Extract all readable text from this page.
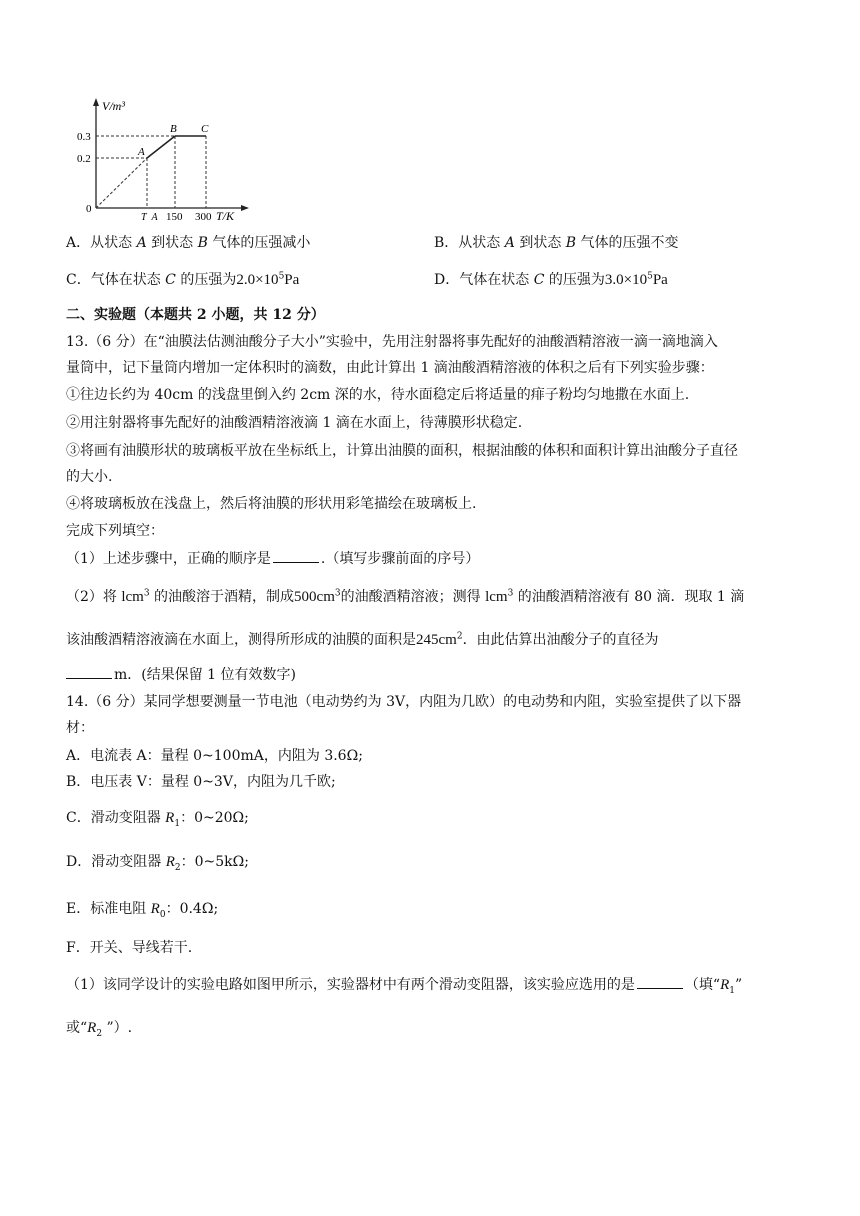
V/m³
0.3
0.2
0
A
B C
T_A 150 300 T/K
A．从状态 A 到状态 B 气体的压强减小	B．从状态 A 到状态 B 气体的压强不变
C．气体在状态 C 的压强为$2.0\times 10^5Pa$	D．气体在状态 C 的压强为$3.0\times 10^5Pa$
二、实验题（本题共 2 小题，共 12 分）
13.（6 分）在“油膜法估测油酸分子大小”实验中，先用注射器将事先配好的油酸酒精溶液一滴一滴地滴入
量筒中，记下量筒内增加一定体积时的滴数，由此计算出 1 滴油酸酒精溶液的体积之后有下列实验步骤：
①往边长约为 40cm 的浅盘里倒入约 2cm 深的水，待水面稳定后将适量的痱子粉均匀地撒在水面上.
②用注射器将事先配好的油酸酒精溶液滴 1 滴在水面上，待薄膜形状稳定.
③将画有油膜形状的玻璃板平放在坐标纸上，计算出油膜的面积，根据油酸的体积和面积计算出油酸分子直径
的大小.
④将玻璃板放在浅盘上，然后将油膜的形状用彩笔描绘在玻璃板上.
完成下列填空：
（1）上述步骤中，正确的顺序是	.（填写步骤前面的序号）
（2）将 lcm$^3$ 的油酸溶于酒精，制成$500cm^3$的油酸酒精溶液；测得 lcm$^3$ 的油酸酒精溶液有 80 滴．现取 1 滴
该油酸酒精溶液滴在水面上，测得所形成的油膜的面积是$245cm^2$．由此估算出油酸分子的直径为
m．(结果保留 1 位有效数字)
14.（6 分）某同学想要测量一节电池（电动势约为 3V，内阻为几欧）的电动势和内阻，实验室提供了以下器
材：
A．电流表 A：量程 0~100mA，内阻为 3.6Ω;
B．电压表 V：量程 0~3V，内阻为几千欧;
C．滑动变阻器 $R_1$：0~20Ω;
D．滑动变阻器 $R_2$：0~5kΩ;
E．标准电阻 $R_0$：0.4Ω;
F．开关、导线若干.
（1）该同学设计的实验电路如图甲所示，实验器材中有两个滑动变阻器，该实验应选用的是	（填“$R_1$”
或“$R_2$ ”）.
